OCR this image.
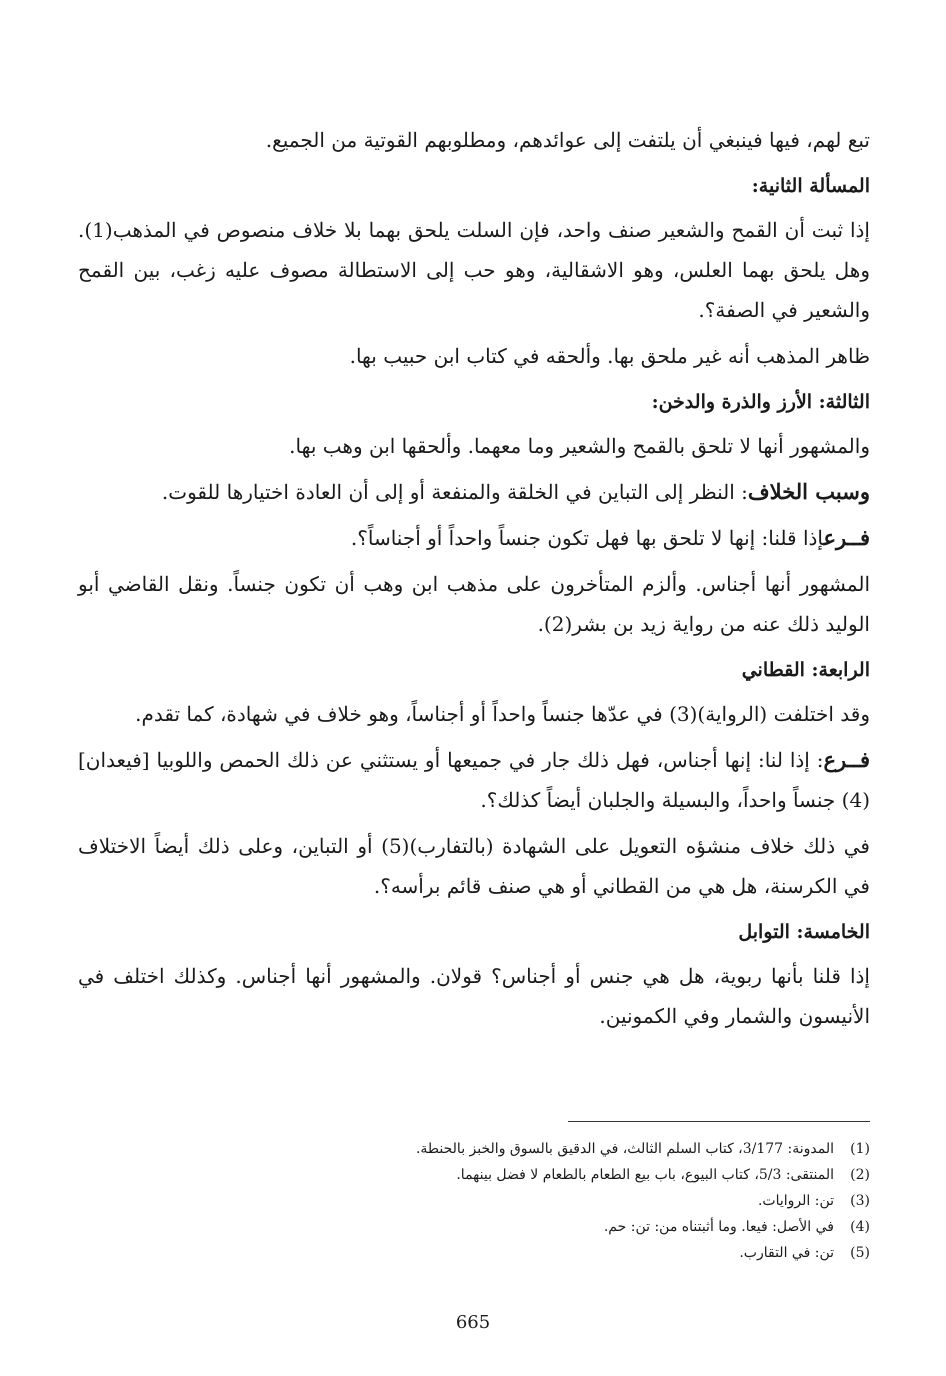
تبع لهم، فيها فينبغي أن يلتفت إلى عوائدهم، ومطلوبهم القوتية من الجميع.

المسألة الثانية:

إذا ثبت أن القمح والشعير صنف واحد، فإن السلت يلحق بهما بلا خلاف منصوص في المذهب(1). وهل يلحق بهما العلس، وهو الاشقالية، وهو حب إلى الاستطالة مصوف عليه زغب، بين القمح والشعير في الصفة؟.

ظاهر المذهب أنه غير ملحق بها. وألحقه في كتاب ابن حبيب بها.

الثالثة: الأرز والذرة والدخن:

والمشهور أنها لا تلحق بالقمح والشعير وما معهما. وألحقها ابن وهب بها.

وسبب الخلاف: النظر إلى التباين في الخلقة والمنفعة أو إلى أن العادة اختيارها للقوت.

فــرعإذا قلنا: إنها لا تلحق بها فهل تكون جنساً واحداً أو أجناساً؟.

المشهور أنها أجناس. وألزم المتأخرون على مذهب ابن وهب أن تكون جنساً. ونقل القاضي أبو الوليد ذلك عنه من رواية زيد بن بشر(2).

الرابعة: القطاني

وقد اختلفت (الرواية)(3) في عدّها جنساً واحداً أو أجناساً، وهو خلاف في شهادة، كما تقدم.

فــرع: إذا لنا: إنها أجناس، فهل ذلك جار في جميعها أو يستثني عن ذلك الحمص واللوبيا [فيعدان](4) جنساً واحداً، والبسيلة والجلبان أيضاً كذلك؟.

في ذلك خلاف منشؤه التعويل على الشهادة (بالتفارب)(5) أو التباين، وعلى ذلك أيضاً الاختلاف في الكرسنة، هل هي من القطاني أو هي صنف قائم برأسه؟.

الخامسة: التوابل

إذا قلنا بأنها ربوية، هل هي جنس أو أجناس؟ قولان. والمشهور أنها أجناس. وكذلك اختلف في الأنيسون والشمار وفي الكمونين.

(1)
المدونة: 3/177، كتاب السلم الثالث، في الدقيق بالسوق والخبز بالحنطة.
(2)
المنتقى: 5/3، كتاب البيوع، باب بيع الطعام بالطعام لا فضل بينهما.
(3)
تن: الروايات.
(4)
في الأصل: فيعا. وما أثبتناه من: تن: حم.
(5)
تن: في التقارب.
665
